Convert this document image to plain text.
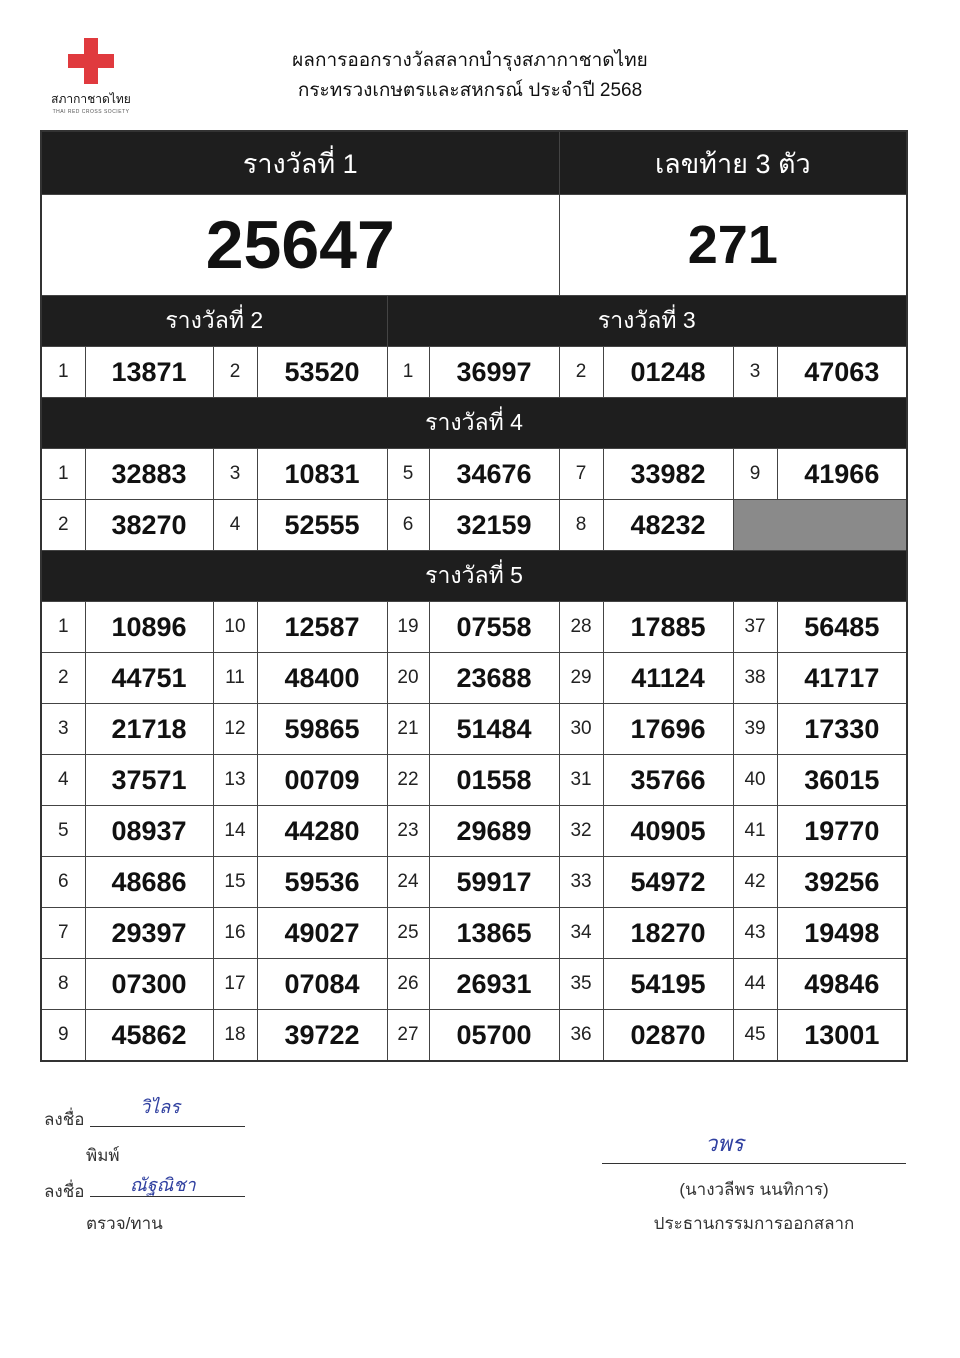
สภากาชาดไทย
THAI RED CROSS SOCIETY
ผลการออกรางวัลสลากบำรุงสภากาชาดไทย
กระทรวงเกษตรและสหกรณ์ ประจำปี 2568
รางวัลที่ 1						เลขท้าย 3 ตัว			
25647						271			
รางวัลที่ 2				รางวัลที่ 3					
1	13871	2	53520	1	36997	2	01248	3	47063
รางวัลที่ 4									
1	32883	3	10831	5	34676	7	33982	9	41966
2	38270	4	52555	6	32159	8	48232		
รางวัลที่ 5									
1	10896	10	12587	19	07558	28	17885	37	56485
2	44751	11	48400	20	23688	29	41124	38	41717
3	21718	12	59865	21	51484	30	17696	39	17330
4	37571	13	00709	22	01558	31	35766	40	36015
5	08937	14	44280	23	29689	32	40905	41	19770
6	48686	15	59536	24	59917	33	54972	42	39256
7	29397	16	49027	25	13865	34	18270	43	19498
8	07300	17	07084	26	26931	35	54195	44	49846
9	45862	18	39722	27	05700	36	02870	45	13001
ลงชื่อ
วิไลร
พิมพ์
ลงชื่อ	ณัฐณิชา
ตรวจ/ทาน
วพร
(นางวลีพร นนทิการ)
ประธานกรรมการออกสลาก
